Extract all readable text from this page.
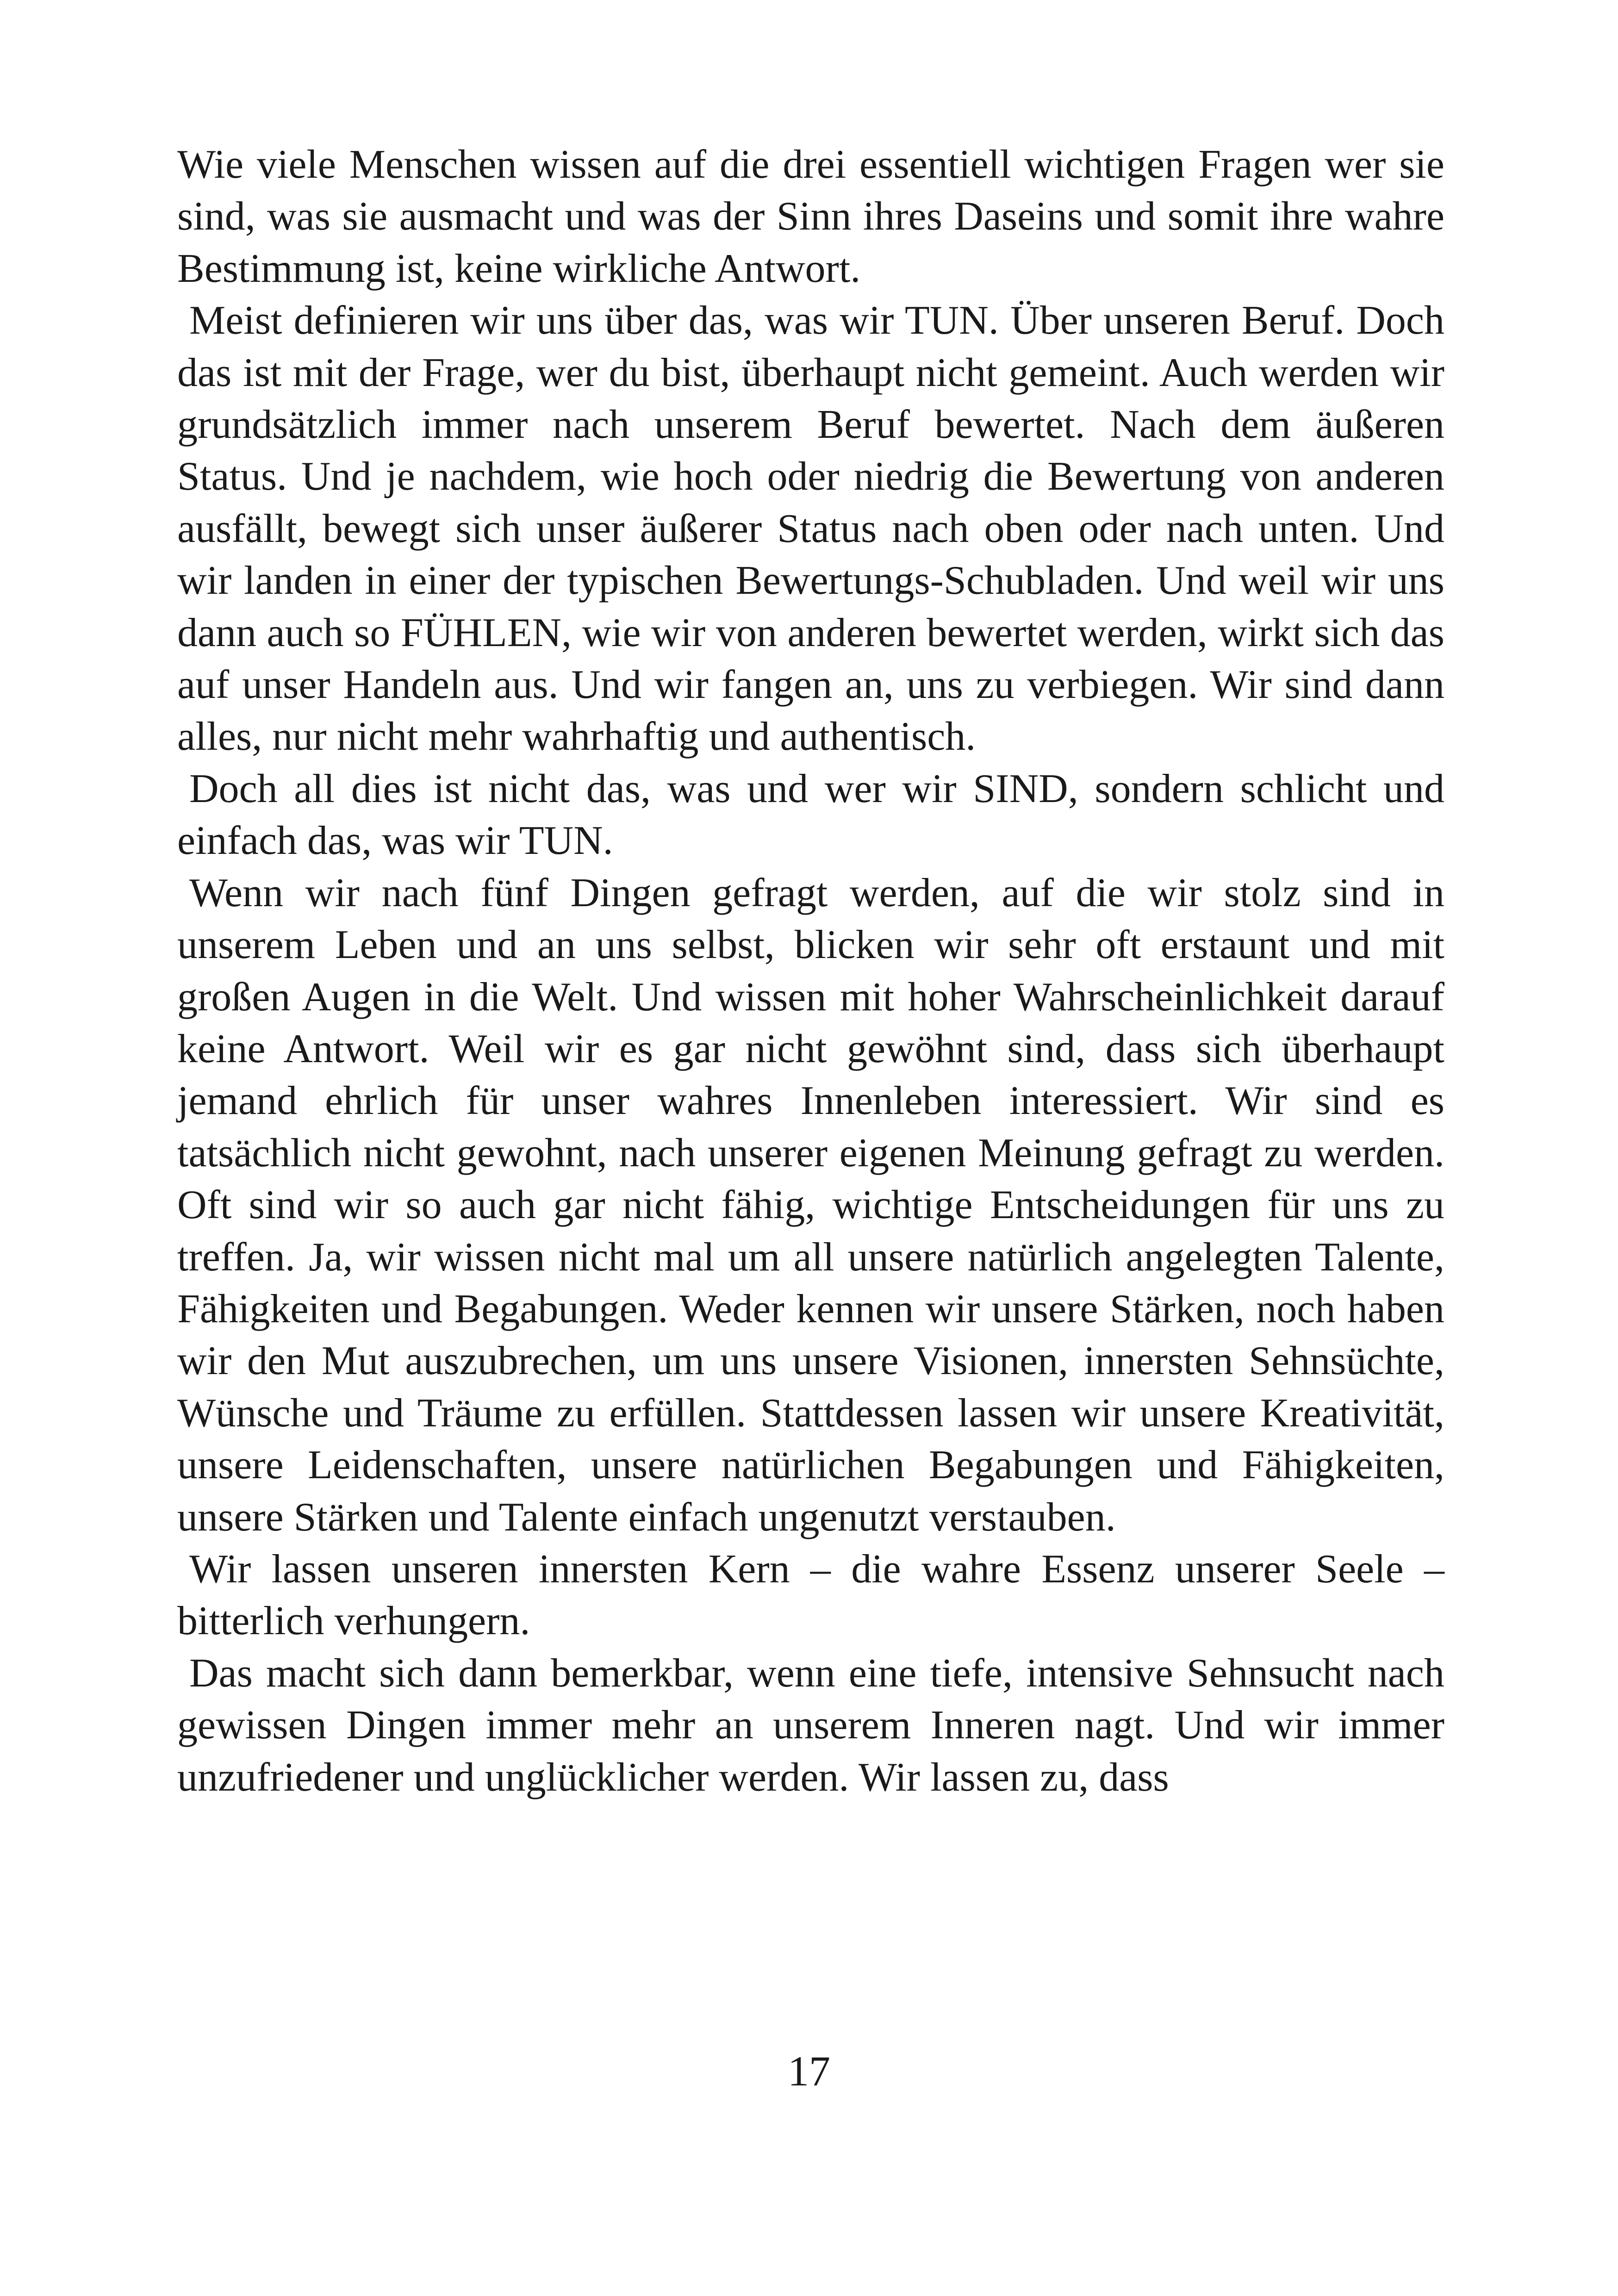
Wie viele Menschen wissen auf die drei essentiell wichtigen Fragen wer sie sind, was sie ausmacht und was der Sinn ihres Daseins und somit ihre wahre Bestimmung ist, keine wirkliche Antwort.

Meist definieren wir uns über das, was wir TUN. Über unseren Beruf. Doch das ist mit der Frage, wer du bist, überhaupt nicht gemeint. Auch werden wir grundsätzlich immer nach unserem Beruf bewertet. Nach dem äußeren Status. Und je nachdem, wie hoch oder niedrig die Bewertung von anderen ausfällt, bewegt sich unser äußerer Status nach oben oder nach unten. Und wir landen in einer der typischen Bewertungs-Schubladen. Und weil wir uns dann auch so FÜHLEN, wie wir von anderen bewertet werden, wirkt sich das auf unser Handeln aus. Und wir fangen an, uns zu verbiegen. Wir sind dann alles, nur nicht mehr wahrhaftig und authentisch.

Doch all dies ist nicht das, was und wer wir SIND, sondern schlicht und einfach das, was wir TUN.

Wenn wir nach fünf Dingen gefragt werden, auf die wir stolz sind in unserem Leben und an uns selbst, blicken wir sehr oft erstaunt und mit großen Augen in die Welt. Und wissen mit hoher Wahrscheinlichkeit darauf keine Antwort. Weil wir es gar nicht gewöhnt sind, dass sich überhaupt jemand ehrlich für unser wahres Innenleben interessiert. Wir sind es tatsächlich nicht gewohnt, nach unserer eigenen Meinung gefragt zu werden. Oft sind wir so auch gar nicht fähig, wichtige Entscheidungen für uns zu treffen. Ja, wir wissen nicht mal um all unsere natürlich angelegten Talente, Fähigkeiten und Begabungen. Weder kennen wir unsere Stärken, noch haben wir den Mut auszubrechen, um uns unsere Visionen, innersten Sehnsüchte, Wünsche und Träume zu erfüllen. Stattdessen lassen wir unsere Kreativität, unsere Leidenschaften, unsere natürlichen Begabungen und Fähigkeiten, unsere Stärken und Talente einfach ungenutzt verstauben.

Wir lassen unseren innersten Kern – die wahre Essenz unserer Seele – bitterlich verhungern.

Das macht sich dann bemerkbar, wenn eine tiefe, intensive Sehnsucht nach gewissen Dingen immer mehr an unserem Inneren nagt. Und wir immer unzufriedener und unglücklicher werden. Wir lassen zu, dass

17
